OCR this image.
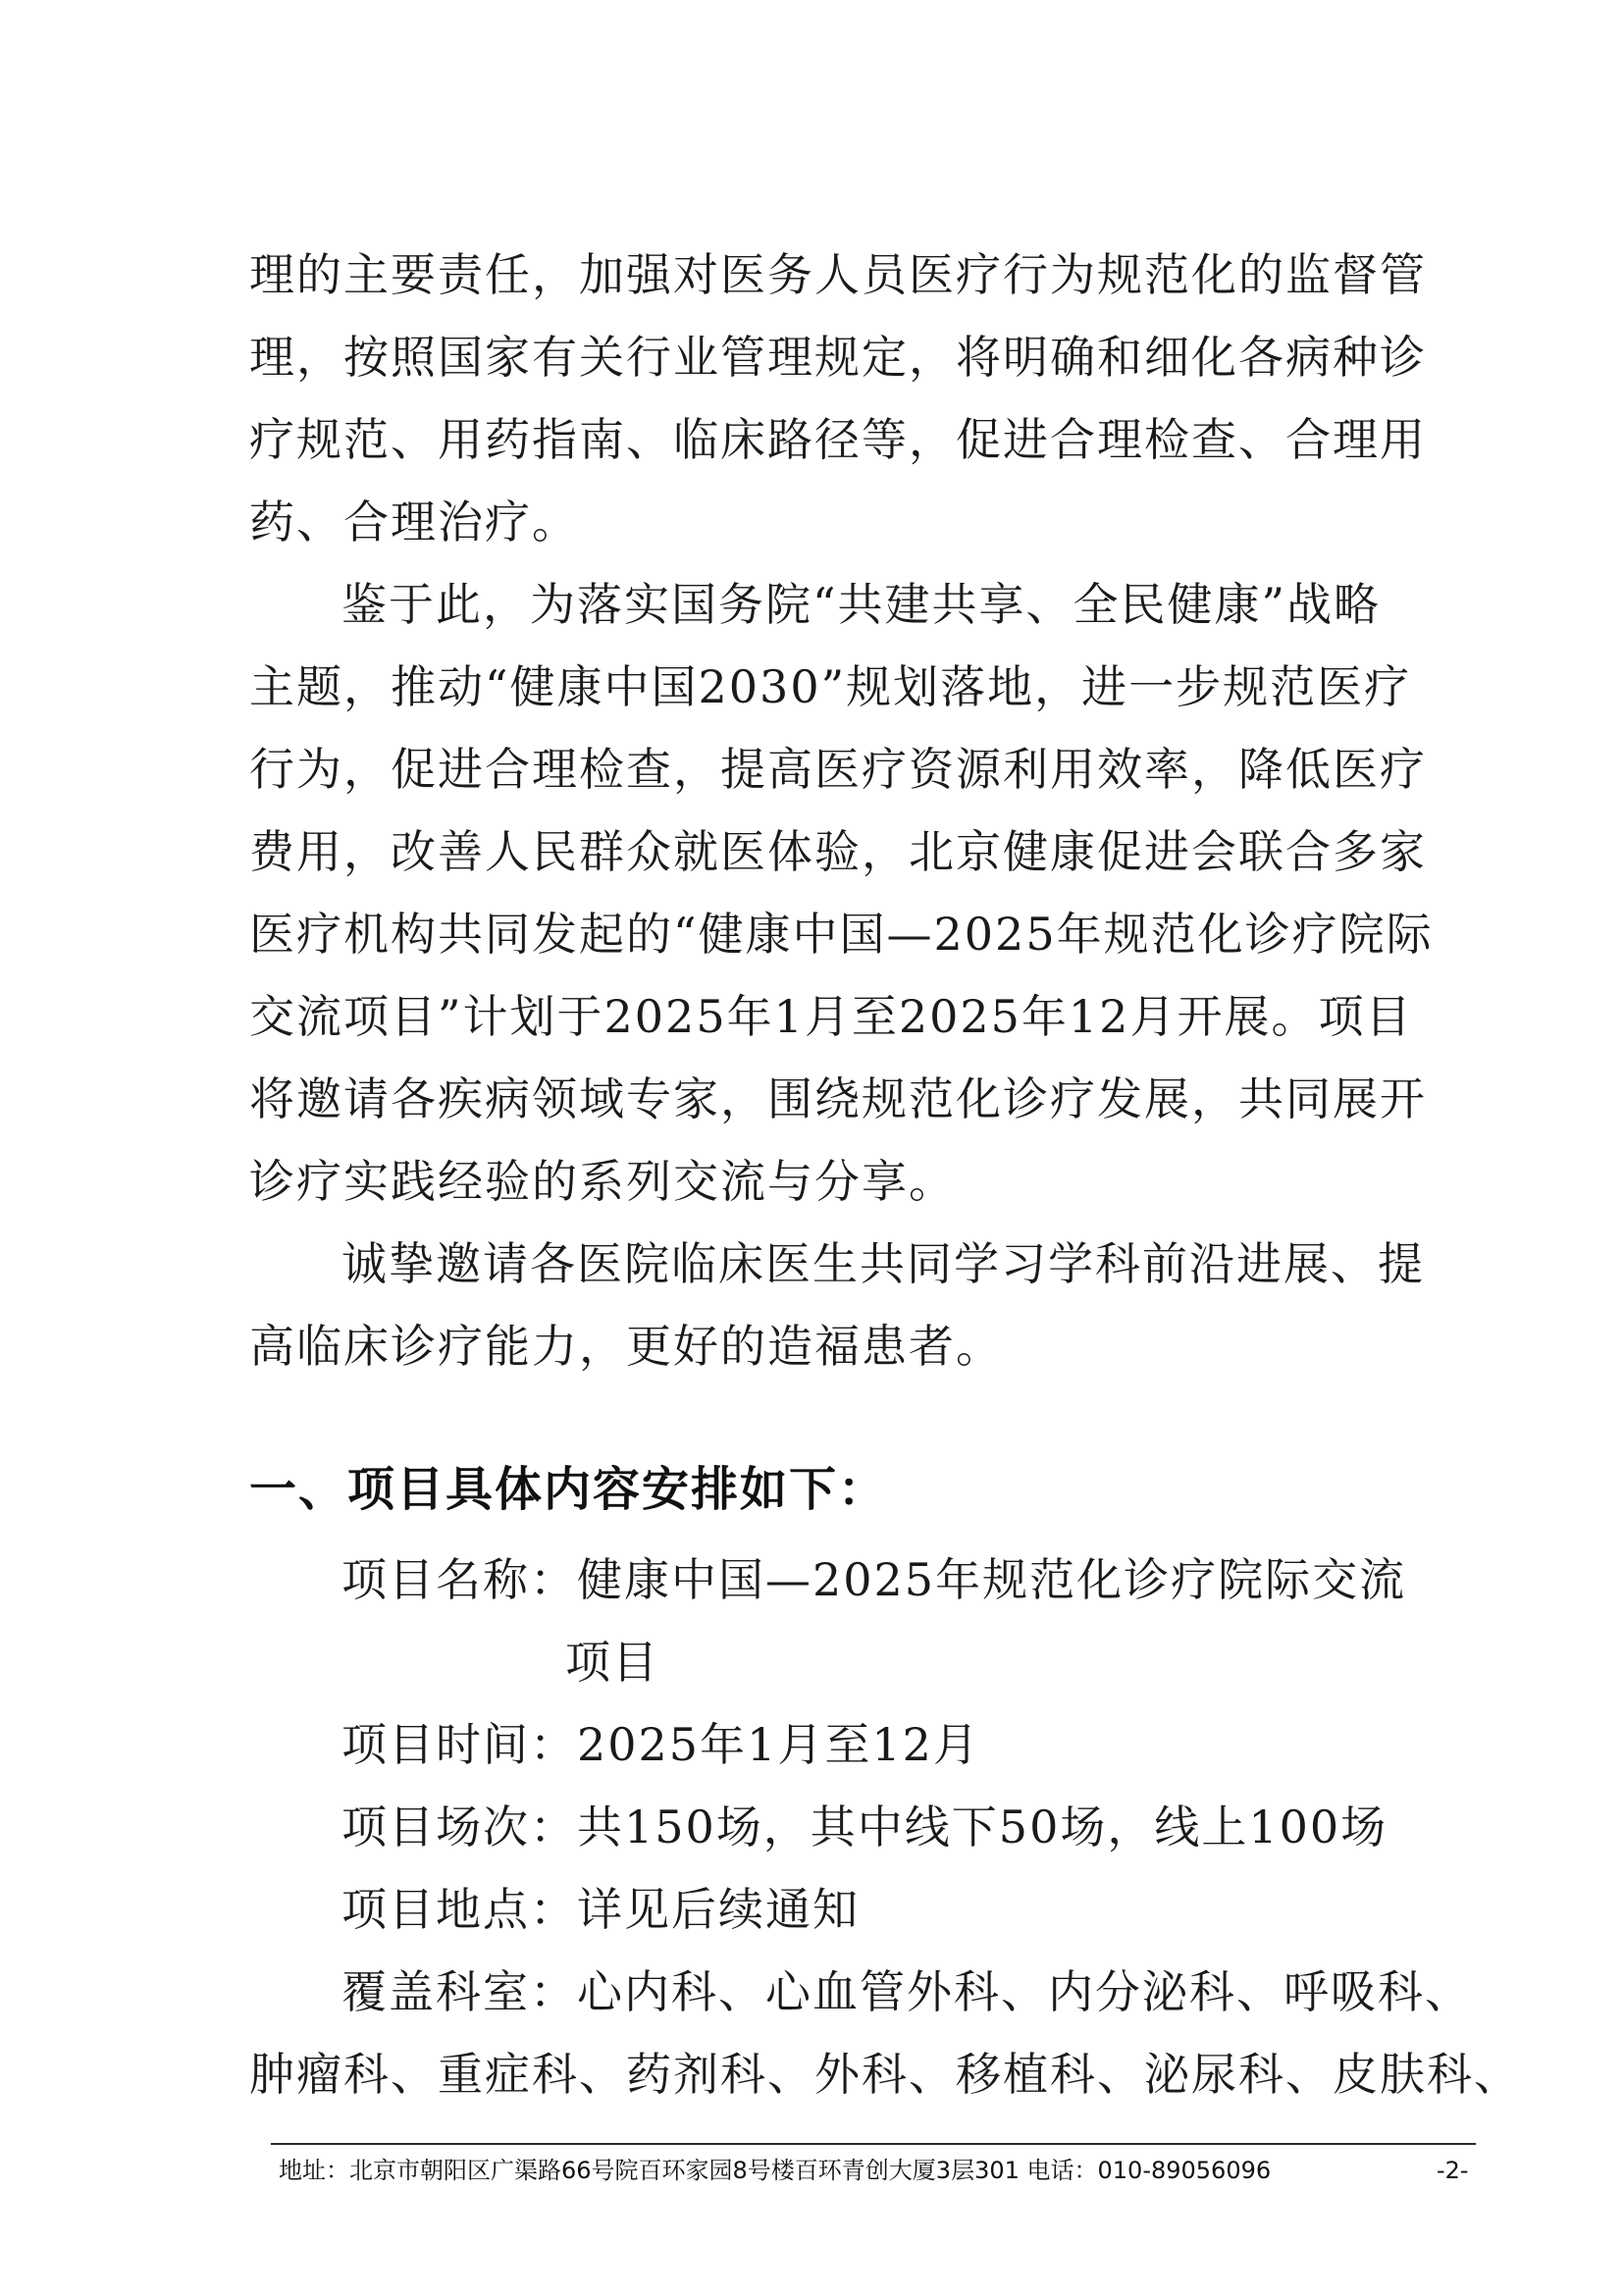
理的主要责任，加强对医务人员医疗行为规范化的监督管
理，按照国家有关行业管理规定，将明确和细化各病种诊
疗规范、用药指南、临床路径等，促进合理检查、合理用
药、合理治疗。
鉴于此，为落实国务院“共建共享、全民健康”战略
主题，推动“健康中国2030”规划落地，进一步规范医疗
行为，促进合理检查，提高医疗资源利用效率，降低医疗
费用，改善人民群众就医体验，北京健康促进会联合多家
医疗机构共同发起的“健康中国—2025年规范化诊疗院际
交流项目”计划于2025年1月至2025年12月开展。项目
将邀请各疾病领域专家，围绕规范化诊疗发展，共同展开
诊疗实践经验的系列交流与分享。
诚挚邀请各医院临床医生共同学习学科前沿进展、提
高临床诊疗能力，更好的造福患者。
一、项目具体内容安排如下：
项目名称：健康中国—2025年规范化诊疗院际交流
项目
项目时间：2025年1月至12月
项目场次：共150场，其中线下50场，线上100场
项目地点：详见后续通知
覆盖科室：心内科、心血管外科、内分泌科、呼吸科、
肿瘤科、重症科、药剂科、外科、移植科、泌尿科、皮肤科、
地址：北京市朝阳区广渠路66号院百环家园8号楼百环青创大厦3层301 电话：010-89056096	-2-
